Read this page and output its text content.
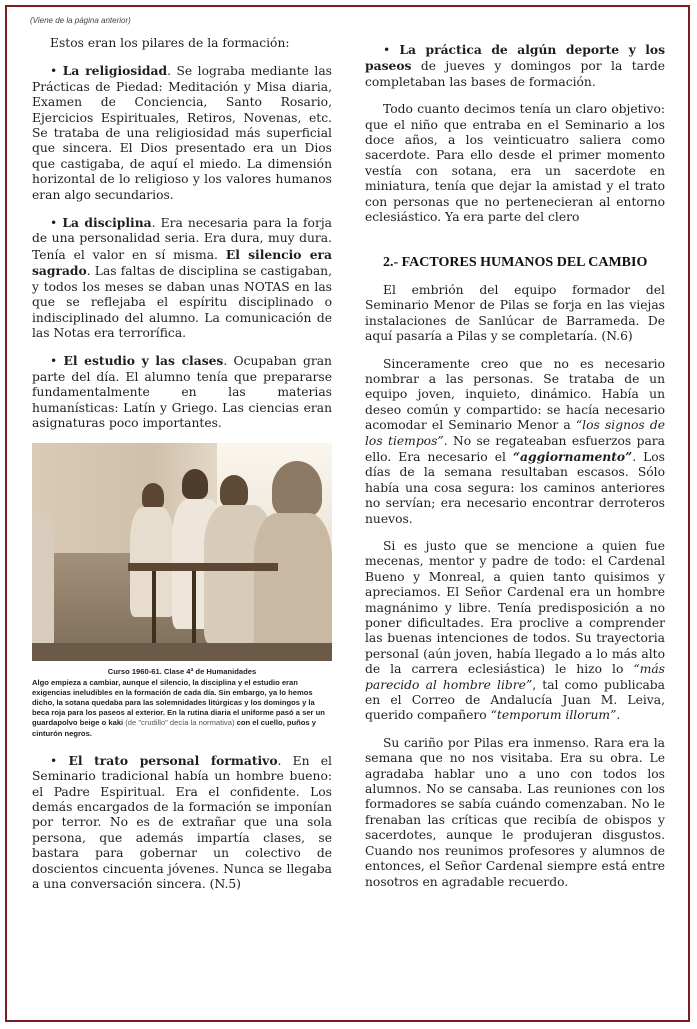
(Viene de la página anterior)

Estos eran los pilares de la formación:

• La religiosidad. Se lograba mediante las Prácticas de Piedad: Meditación y Misa diaria, Examen de Conciencia, Santo Rosario, Ejercicios Espirituales, Retiros, Novenas, etc. Se trataba de una religiosidad más superficial que sincera. El Dios presentado era un Dios que castigaba, de aquí el miedo. La dimensión horizontal de lo religioso y los valores humanos eran algo secundarios.

• La disciplina. Era necesaria para la forja de una personalidad seria. Era dura, muy dura. Tenía el valor en sí misma. El silencio era sagrado. Las faltas de disciplina se castigaban, y todos los meses se daban unas NOTAS en las que se reflejaba el espíritu disciplinado o indisciplinado del alumno. La comunicación de las Notas era terrorífica.

• El estudio y las clases. Ocupaban gran parte del día. El alumno tenía que prepararse fundamentalmente en las materias humanísticas: Latín y Griego. Las ciencias eran asignaturas poco importantes.

Curso 1960-61. Clase 4ª de Humanidades
Algo empieza a cambiar, aunque el silencio, la disciplina y el estudio eran exigencias ineludibles en la formación de cada día. Sin embargo, ya lo hemos dicho, la sotana quedaba para las solemnidades litúrgicas y los domingos y la beca roja para los paseos al exterior. En la rutina diaria el uniforme pasó a ser un guardapolvo beige o kaki (de "crudillo" decía la normativa) con el cuello, puños y cinturón negros.

• El trato personal formativo. En el Seminario tradicional había un hombre bueno: el Padre Espiritual. Era el confidente. Los demás encargados de la formación se imponían por terror. No es de extrañar que una sola persona, que además impartía clases, se bastara para gobernar un colectivo de doscientos cincuenta jóvenes. Nunca se llegaba a una conversación sincera. (N.5)

• La práctica de algún deporte y los paseos de jueves y domingos por la tarde completaban las bases de formación.

Todo cuanto decimos tenía un claro objetivo: que el niño que entraba en el Seminario a los doce años, a los veinticuatro saliera como sacerdote. Para ello desde el primer momento vestía con sotana, era un sacerdote en miniatura, tenía que dejar la amistad y el trato con personas que no pertenecieran al entorno eclesiástico. Ya era parte del clero

2.- FACTORES HUMANOS DEL CAMBIO

El embrión del equipo formador del Seminario Menor de Pilas se forja en las viejas instalaciones de Sanlúcar de Barrameda. De aquí pasaría a Pilas y se completaría. (N.6)

Sinceramente creo que no es necesario nombrar a las personas. Se trataba de un equipo joven, inquieto, dinámico. Había un deseo común y compartido: se hacía necesario acomodar el Seminario Menor a “los signos de los tiempos”. No se regateaban esfuerzos para ello. Era necesario el “aggiornamento”. Los días de la semana resultaban escasos. Sólo había una cosa segura: los caminos anteriores no servían; era necesario encontrar derroteros nuevos.

Si es justo que se mencione a quien fue mecenas, mentor y padre de todo: el Cardenal Bueno y Monreal, a quien tanto quisimos y apreciamos. El Señor Cardenal era un hombre magnánimo y libre. Tenía predisposición a no poner dificultades. Era proclive a comprender las buenas intenciones de todos. Su trayectoria personal (aún joven, había llegado a lo más alto de la carrera eclesiástica) le hizo lo “más parecido al hombre libre”, tal como publicaba en el Correo de Andalucía Juan M. Leiva, querido compañero “temporum illorum”.

Su cariño por Pilas era inmenso. Rara era la semana que no nos visitaba. Era su obra. Le agradaba hablar uno a uno con todos los alumnos. No se cansaba. Las reuniones con los formadores se sabía cuándo comenzaban. No le frenaban las críticas que recibía de obispos y sacerdotes, aunque le produjeran disgustos. Cuando nos reunimos profesores y alumnos de entonces, el Señor Cardenal siempre está entre nosotros en agradable recuerdo.
